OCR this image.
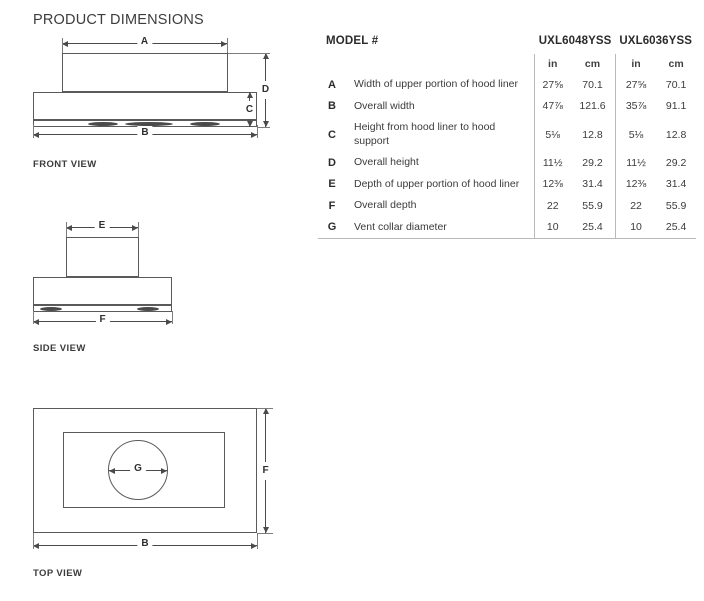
PRODUCT DIMENSIONS
A
D
C
B
FRONT VIEW
E
F
SIDE VIEW
G	F
B
TOP VIEW
MODEL #		UXL6048YSS		UXL6036YSS	
		in	cm	in	cm
A	Width of upper portion of hood liner	27⅝	70.1	27⅝	70.1
B	Overall width	47⅞	121.6	35⅞	91.1
C	Height from hood liner to hood support	5⅛	12.8	5⅛	12.8
D	Overall height	11½	29.2	11½	29.2
E	Depth of upper portion of hood liner	12⅜	31.4	12⅜	31.4
F	Overall depth	22	55.9	22	55.9
G	Vent collar diameter	10	25.4	10	25.4
